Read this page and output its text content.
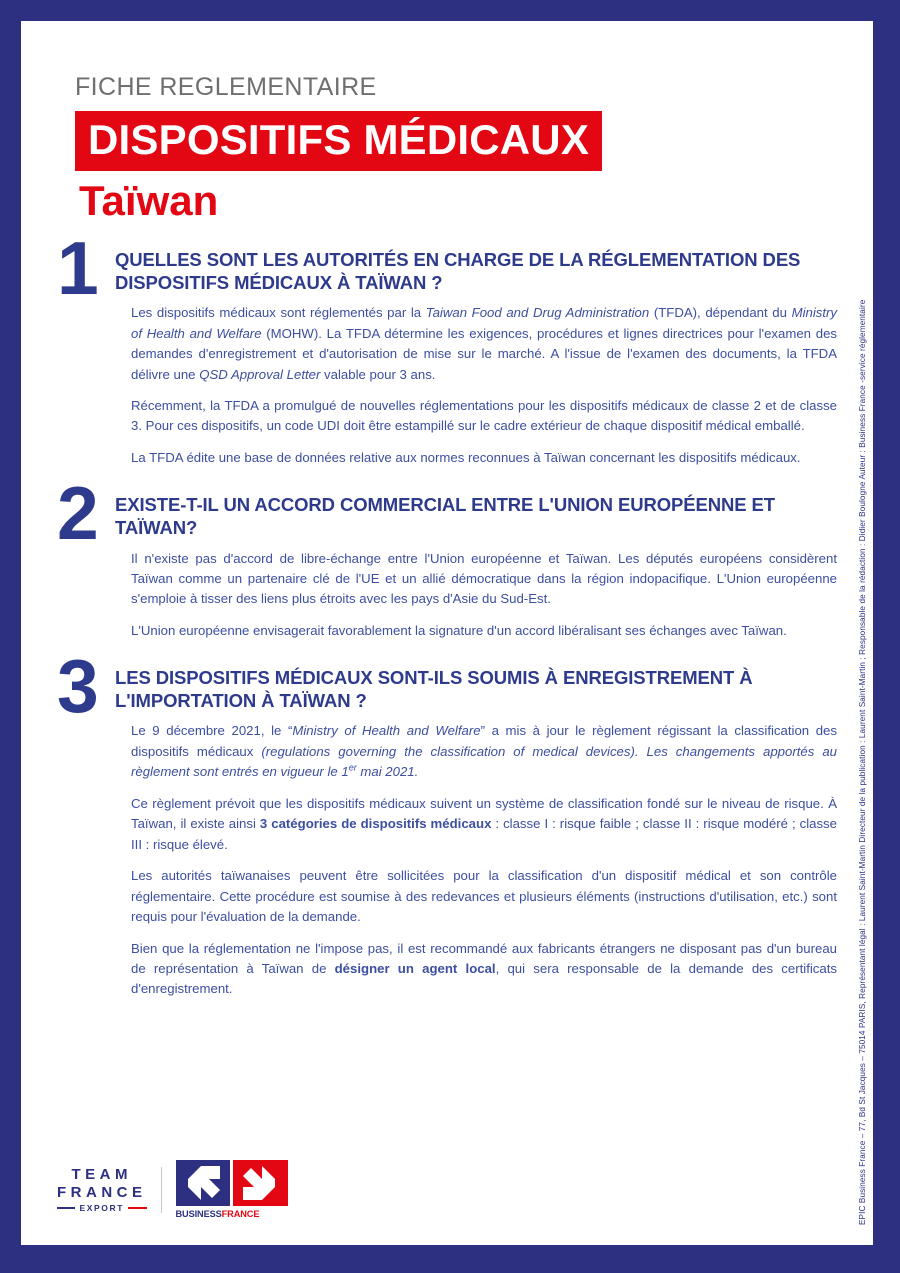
FICHE REGLEMENTAIRE
DISPOSITIFS MÉDICAUX
Taïwan
1 QUELLES SONT LES AUTORITÉS EN CHARGE DE LA RÉGLEMENTATION DES DISPOSITIFS MÉDICAUX À TAÏWAN ?

Les dispositifs médicaux sont réglementés par la Taiwan Food and Drug Administration (TFDA), dépendant du Ministry of Health and Welfare (MOHW). La TFDA détermine les exigences, procédures et lignes directrices pour l'examen des demandes d'enregistrement et d'autorisation de mise sur le marché. A l'issue de l'examen des documents, la TFDA délivre une QSD Approval Letter valable pour 3 ans.

Récemment, la TFDA a promulgué de nouvelles réglementations pour les dispositifs médicaux de classe 2 et de classe 3. Pour ces dispositifs, un code UDI doit être estampillé sur le cadre extérieur de chaque dispositif médical emballé.

La TFDA édite une base de données relative aux normes reconnues à Taïwan concernant les dispositifs médicaux.

2 EXISTE-T-IL UN ACCORD COMMERCIAL ENTRE L'UNION EUROPÉENNE ET TAÏWAN?

Il n'existe pas d'accord de libre-échange entre l'Union européenne et Taïwan. Les députés européens considèrent Taïwan comme un partenaire clé de l'UE et un allié démocratique dans la région indopacifique. L'Union européenne s'emploie à tisser des liens plus étroits avec les pays d'Asie du Sud-Est.

L'Union européenne envisagerait favorablement la signature d'un accord libéralisant ses échanges avec Taïwan.

3 LES DISPOSITIFS MÉDICAUX SONT-ILS SOUMIS À ENREGISTREMENT À L'IMPORTATION À TAÏWAN ?

Le 9 décembre 2021, le “Ministry of Health and Welfare” a mis à jour le règlement régissant la classification des dispositifs médicaux (regulations governing the classification of medical devices). Les changements apportés au règlement sont entrés en vigueur le 1er mai 2021.

Ce règlement prévoit que les dispositifs médicaux suivent un système de classification fondé sur le niveau de risque. À Taïwan, il existe ainsi 3 catégories de dispositifs médicaux : classe I : risque faible ; classe II : risque modéré ; classe III : risque élevé.

Les autorités taïwanaises peuvent être sollicitées pour la classification d'un dispositif médical et son contrôle réglementaire. Cette procédure est soumise à des redevances et plusieurs éléments (instructions d'utilisation, etc.) sont requis pour l'évaluation de la demande.

Bien que la réglementation ne l'impose pas, il est recommandé aux fabricants étrangers ne disposant pas d'un bureau de représentation à Taïwan de désigner un agent local, qui sera responsable de la demande des certificats d'enregistrement.	EPIC Business France – 77, Bd St Jacques – 75014 PARIS, Représentant légal : Laurent Saint-Martin Directeur de la publication : Laurent Saint-Martin ; Responsable de la rédaction : Didier Boulogne Auteur : Business France -service réglementaire
TEAM
FRANCE
EXPORT
BUSINESSFRANCE
